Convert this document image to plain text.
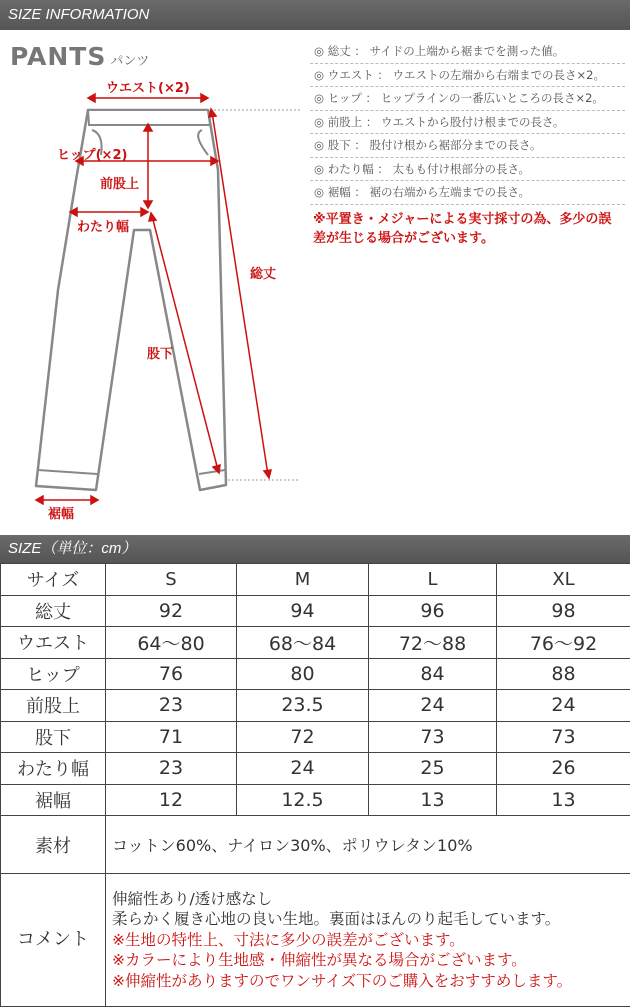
SIZE INFORMATION
PANTS パンツ
ウエスト(×2)
ヒップ(×2)
前股上
わたり幅
総丈
股下
裾幅
◎ 総丈 ： サイドの上端から裾までを測った値。
◎ ウエスト ： ウエストの左端から右端までの長さ×2。
◎ ヒップ ： ヒップラインの一番広いところの長さ×2。
◎ 前股上 ： ウエストから股付け根までの長さ。
◎ 股下 ： 股付け根から裾部分までの長さ。
◎ わたり幅 ： 太もも付け根部分の長さ。
◎ 裾幅 ： 裾の右端から左端までの長さ。
※平置き・メジャーによる実寸採寸の為、多少の誤差が生じる場合がございます。
SIZE（単位：cm）
サイズ	S	M	L	XL
総丈	92	94	96	98
ウエスト	64〜80	68〜84	72〜88	76〜92
ヒップ	76	80	84	88
前股上	23	23.5	24	24
股下	71	72	73	73
わたり幅	23	24	25	26
裾幅	12	12.5	13	13
素材	コットン60%、ナイロン30%、ポリウレタン10%			
コメント	伸縮性あり/透け感なし
柔らかく履き心地の良い生地。裏面はほんのり起毛しています。
※生地の特性上、寸法に多少の誤差がございます。
※カラーにより生地感・伸縮性が異なる場合がございます。
※伸縮性がありますのでワンサイズ下のご購入をおすすめします。			
